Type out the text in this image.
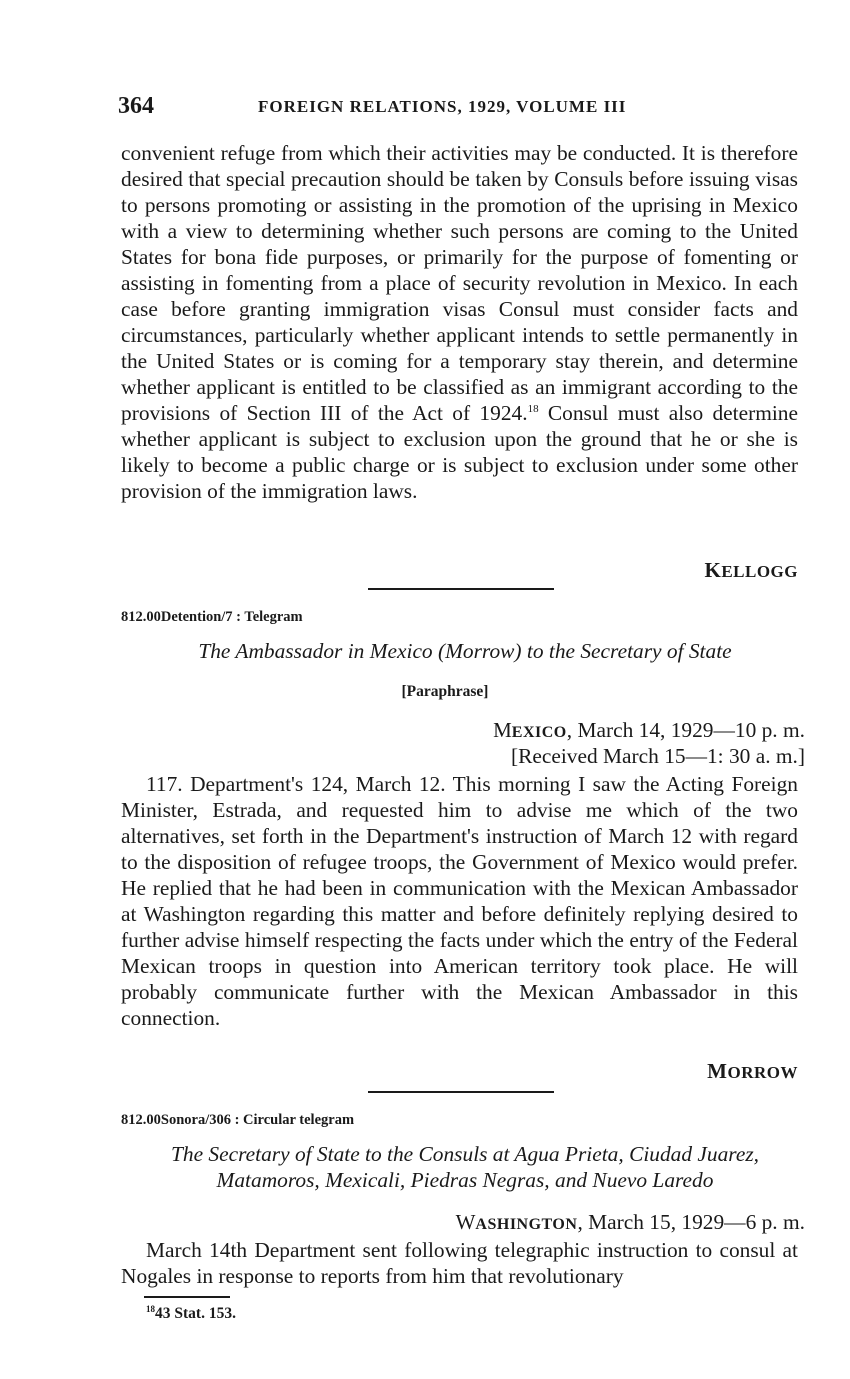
364	FOREIGN RELATIONS, 1929, VOLUME III
convenient refuge from which their activities may be conducted. It is therefore desired that special precaution should be taken by Consuls before issuing visas to persons promoting or assisting in the promotion of the uprising in Mexico with a view to determining whether such persons are coming to the United States for bona fide purposes, or primarily for the purpose of fomenting or assisting in fomenting from a place of security revolution in Mexico. In each case before granting immigration visas Consul must consider facts and circumstances, particularly whether applicant intends to settle permanently in the United States or is coming for a temporary stay therein, and determine whether applicant is entitled to be classified as an immigrant according to the provisions of Section III of the Act of 1924.18 Consul must also determine whether applicant is subject to exclusion upon the ground that he or she is likely to become a public charge or is subject to exclusion under some other provision of the immigration laws.
KELLOGG
812.00Detention/7 : Telegram
The Ambassador in Mexico (Morrow) to the Secretary of State
[Paraphrase]
MEXICO, March 14, 1929—10 p. m.
[Received March 15—1: 30 a. m.]
117. Department's 124, March 12. This morning I saw the Acting Foreign Minister, Estrada, and requested him to advise me which of the two alternatives, set forth in the Department's instruction of March 12 with regard to the disposition of refugee troops, the Government of Mexico would prefer. He replied that he had been in communication with the Mexican Ambassador at Washington regarding this matter and before definitely replying desired to further advise himself respecting the facts under which the entry of the Federal Mexican troops in question into American territory took place. He will probably communicate further with the Mexican Ambassador in this connection.
MORROW
812.00Sonora/306 : Circular telegram
The Secretary of State to the Consuls at Agua Prieta, Ciudad Juarez,
Matamoros, Mexicali, Piedras Negras, and Nuevo Laredo
WASHINGTON, March 15, 1929—6 p. m.
March 14th Department sent following telegraphic instruction to consul at Nogales in response to reports from him that revolutionary
$^{18}$43 Stat. 153.
